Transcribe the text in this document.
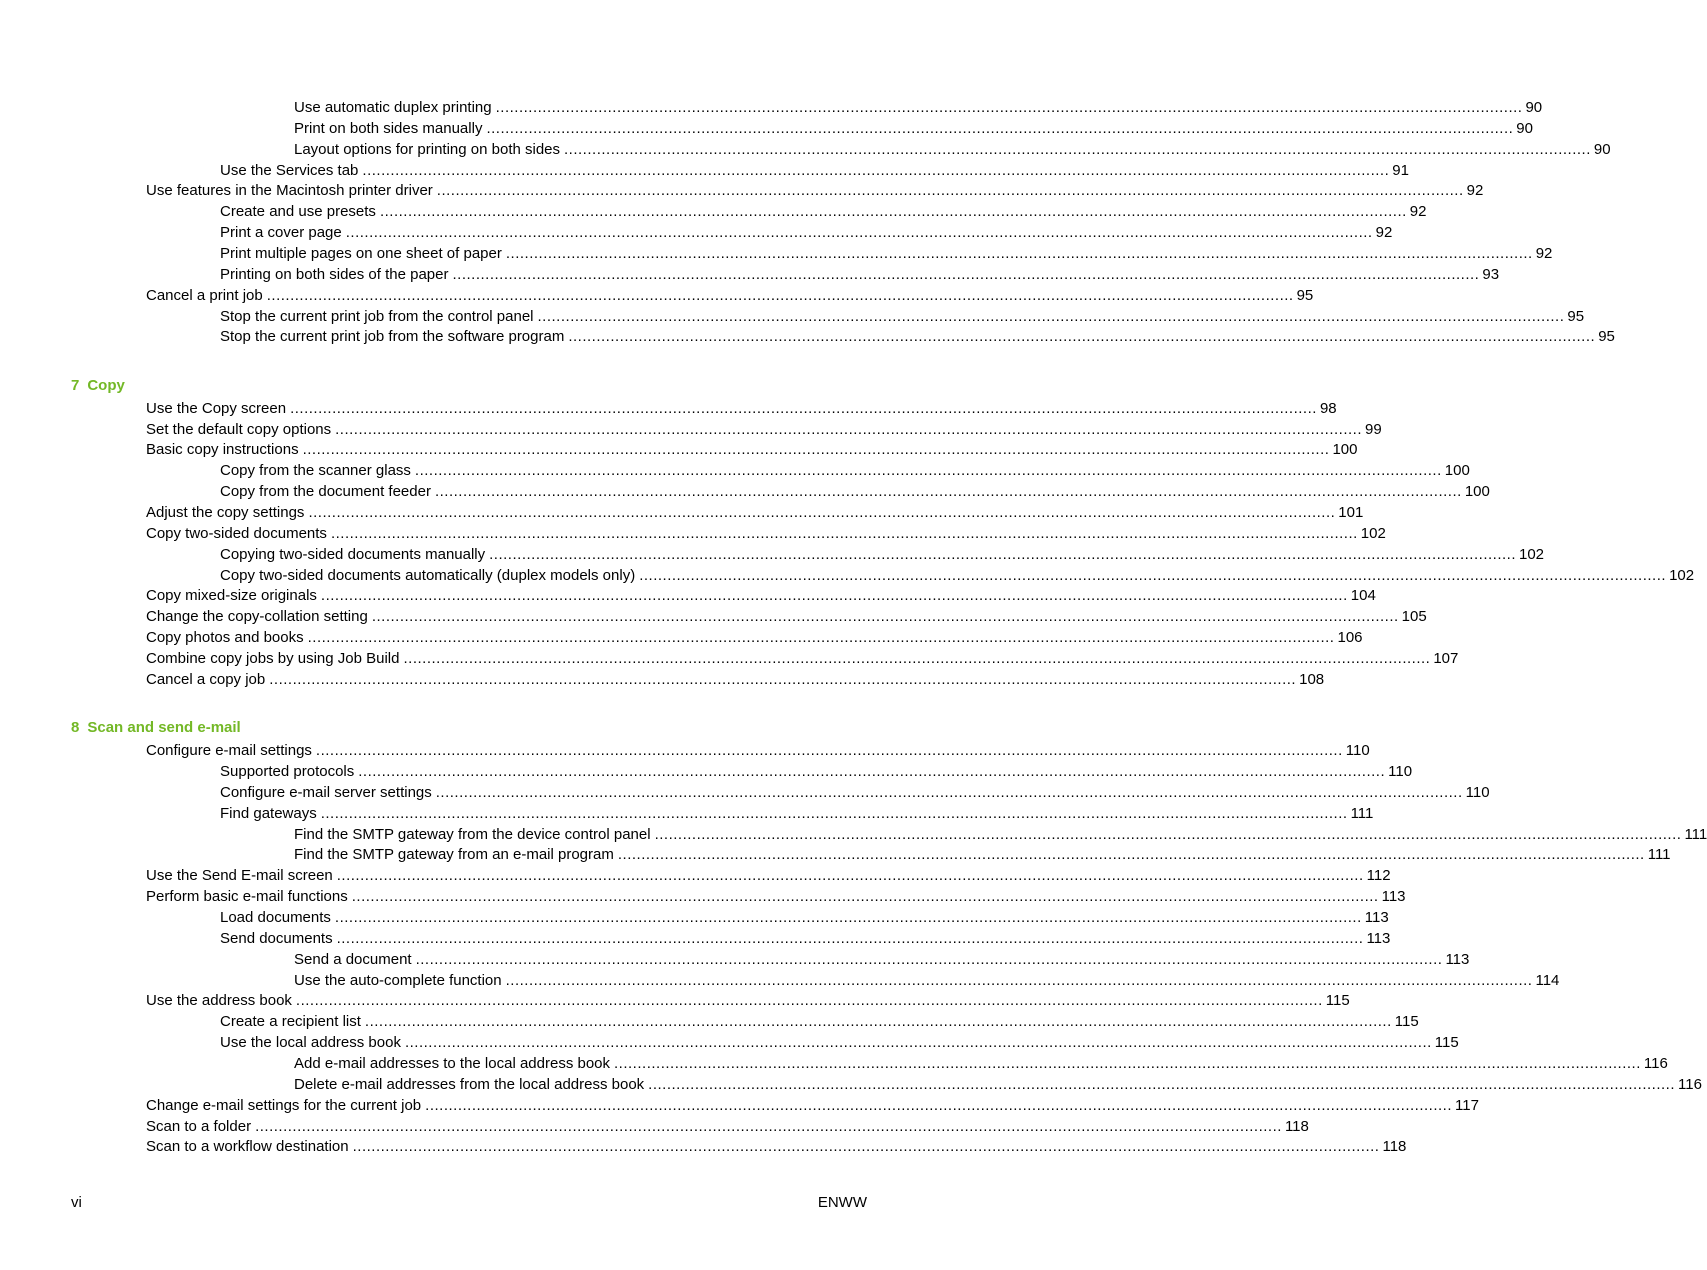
Use automatic duplex printing ............................................................................................................................................................................................................................ 90
Print on both sides manually ............................................................................................................................................................................................................................ 90
Layout options for printing on both sides ............................................................................................................................................................................................................................ 90
Use the Services tab ............................................................................................................................................................................................................................ 91
Use features in the Macintosh printer driver ............................................................................................................................................................................................................................ 92
Create and use presets ............................................................................................................................................................................................................................ 92
Print a cover page ............................................................................................................................................................................................................................ 92
Print multiple pages on one sheet of paper ............................................................................................................................................................................................................................ 92
Printing on both sides of the paper ............................................................................................................................................................................................................................ 93
Cancel a print job ............................................................................................................................................................................................................................ 95
Stop the current print job from the control panel ............................................................................................................................................................................................................................ 95
Stop the current print job from the software program ............................................................................................................................................................................................................................ 95
7 Copy
Use the Copy screen ............................................................................................................................................................................................................................ 98
Set the default copy options ............................................................................................................................................................................................................................ 99
Basic copy instructions ............................................................................................................................................................................................................................ 100
Copy from the scanner glass ............................................................................................................................................................................................................................ 100
Copy from the document feeder ............................................................................................................................................................................................................................ 100
Adjust the copy settings ............................................................................................................................................................................................................................ 101
Copy two-sided documents ............................................................................................................................................................................................................................ 102
Copying two-sided documents manually ............................................................................................................................................................................................................................ 102
Copy two-sided documents automatically (duplex models only) ............................................................................................................................................................................................................................ 102
Copy mixed-size originals ............................................................................................................................................................................................................................ 104
Change the copy-collation setting ............................................................................................................................................................................................................................ 105
Copy photos and books ............................................................................................................................................................................................................................ 106
Combine copy jobs by using Job Build ............................................................................................................................................................................................................................ 107
Cancel a copy job ............................................................................................................................................................................................................................ 108
8 Scan and send e-mail
Configure e-mail settings ............................................................................................................................................................................................................................ 110
Supported protocols ............................................................................................................................................................................................................................ 110
Configure e-mail server settings ............................................................................................................................................................................................................................ 110
Find gateways ............................................................................................................................................................................................................................ 111
Find the SMTP gateway from the device control panel ............................................................................................................................................................................................................................ 111
Find the SMTP gateway from an e-mail program ............................................................................................................................................................................................................................ 111
Use the Send E-mail screen ............................................................................................................................................................................................................................ 112
Perform basic e-mail functions ............................................................................................................................................................................................................................ 113
Load documents ............................................................................................................................................................................................................................ 113
Send documents ............................................................................................................................................................................................................................ 113
Send a document ............................................................................................................................................................................................................................ 113
Use the auto-complete function ............................................................................................................................................................................................................................ 114
Use the address book ............................................................................................................................................................................................................................ 115
Create a recipient list ............................................................................................................................................................................................................................ 115
Use the local address book ............................................................................................................................................................................................................................ 115
Add e-mail addresses to the local address book ............................................................................................................................................................................................................................ 116
Delete e-mail addresses from the local address book ............................................................................................................................................................................................................................ 116
Change e-mail settings for the current job ............................................................................................................................................................................................................................ 117
Scan to a folder ............................................................................................................................................................................................................................ 118
Scan to a workflow destination ............................................................................................................................................................................................................................ 118
vi	ENWW
